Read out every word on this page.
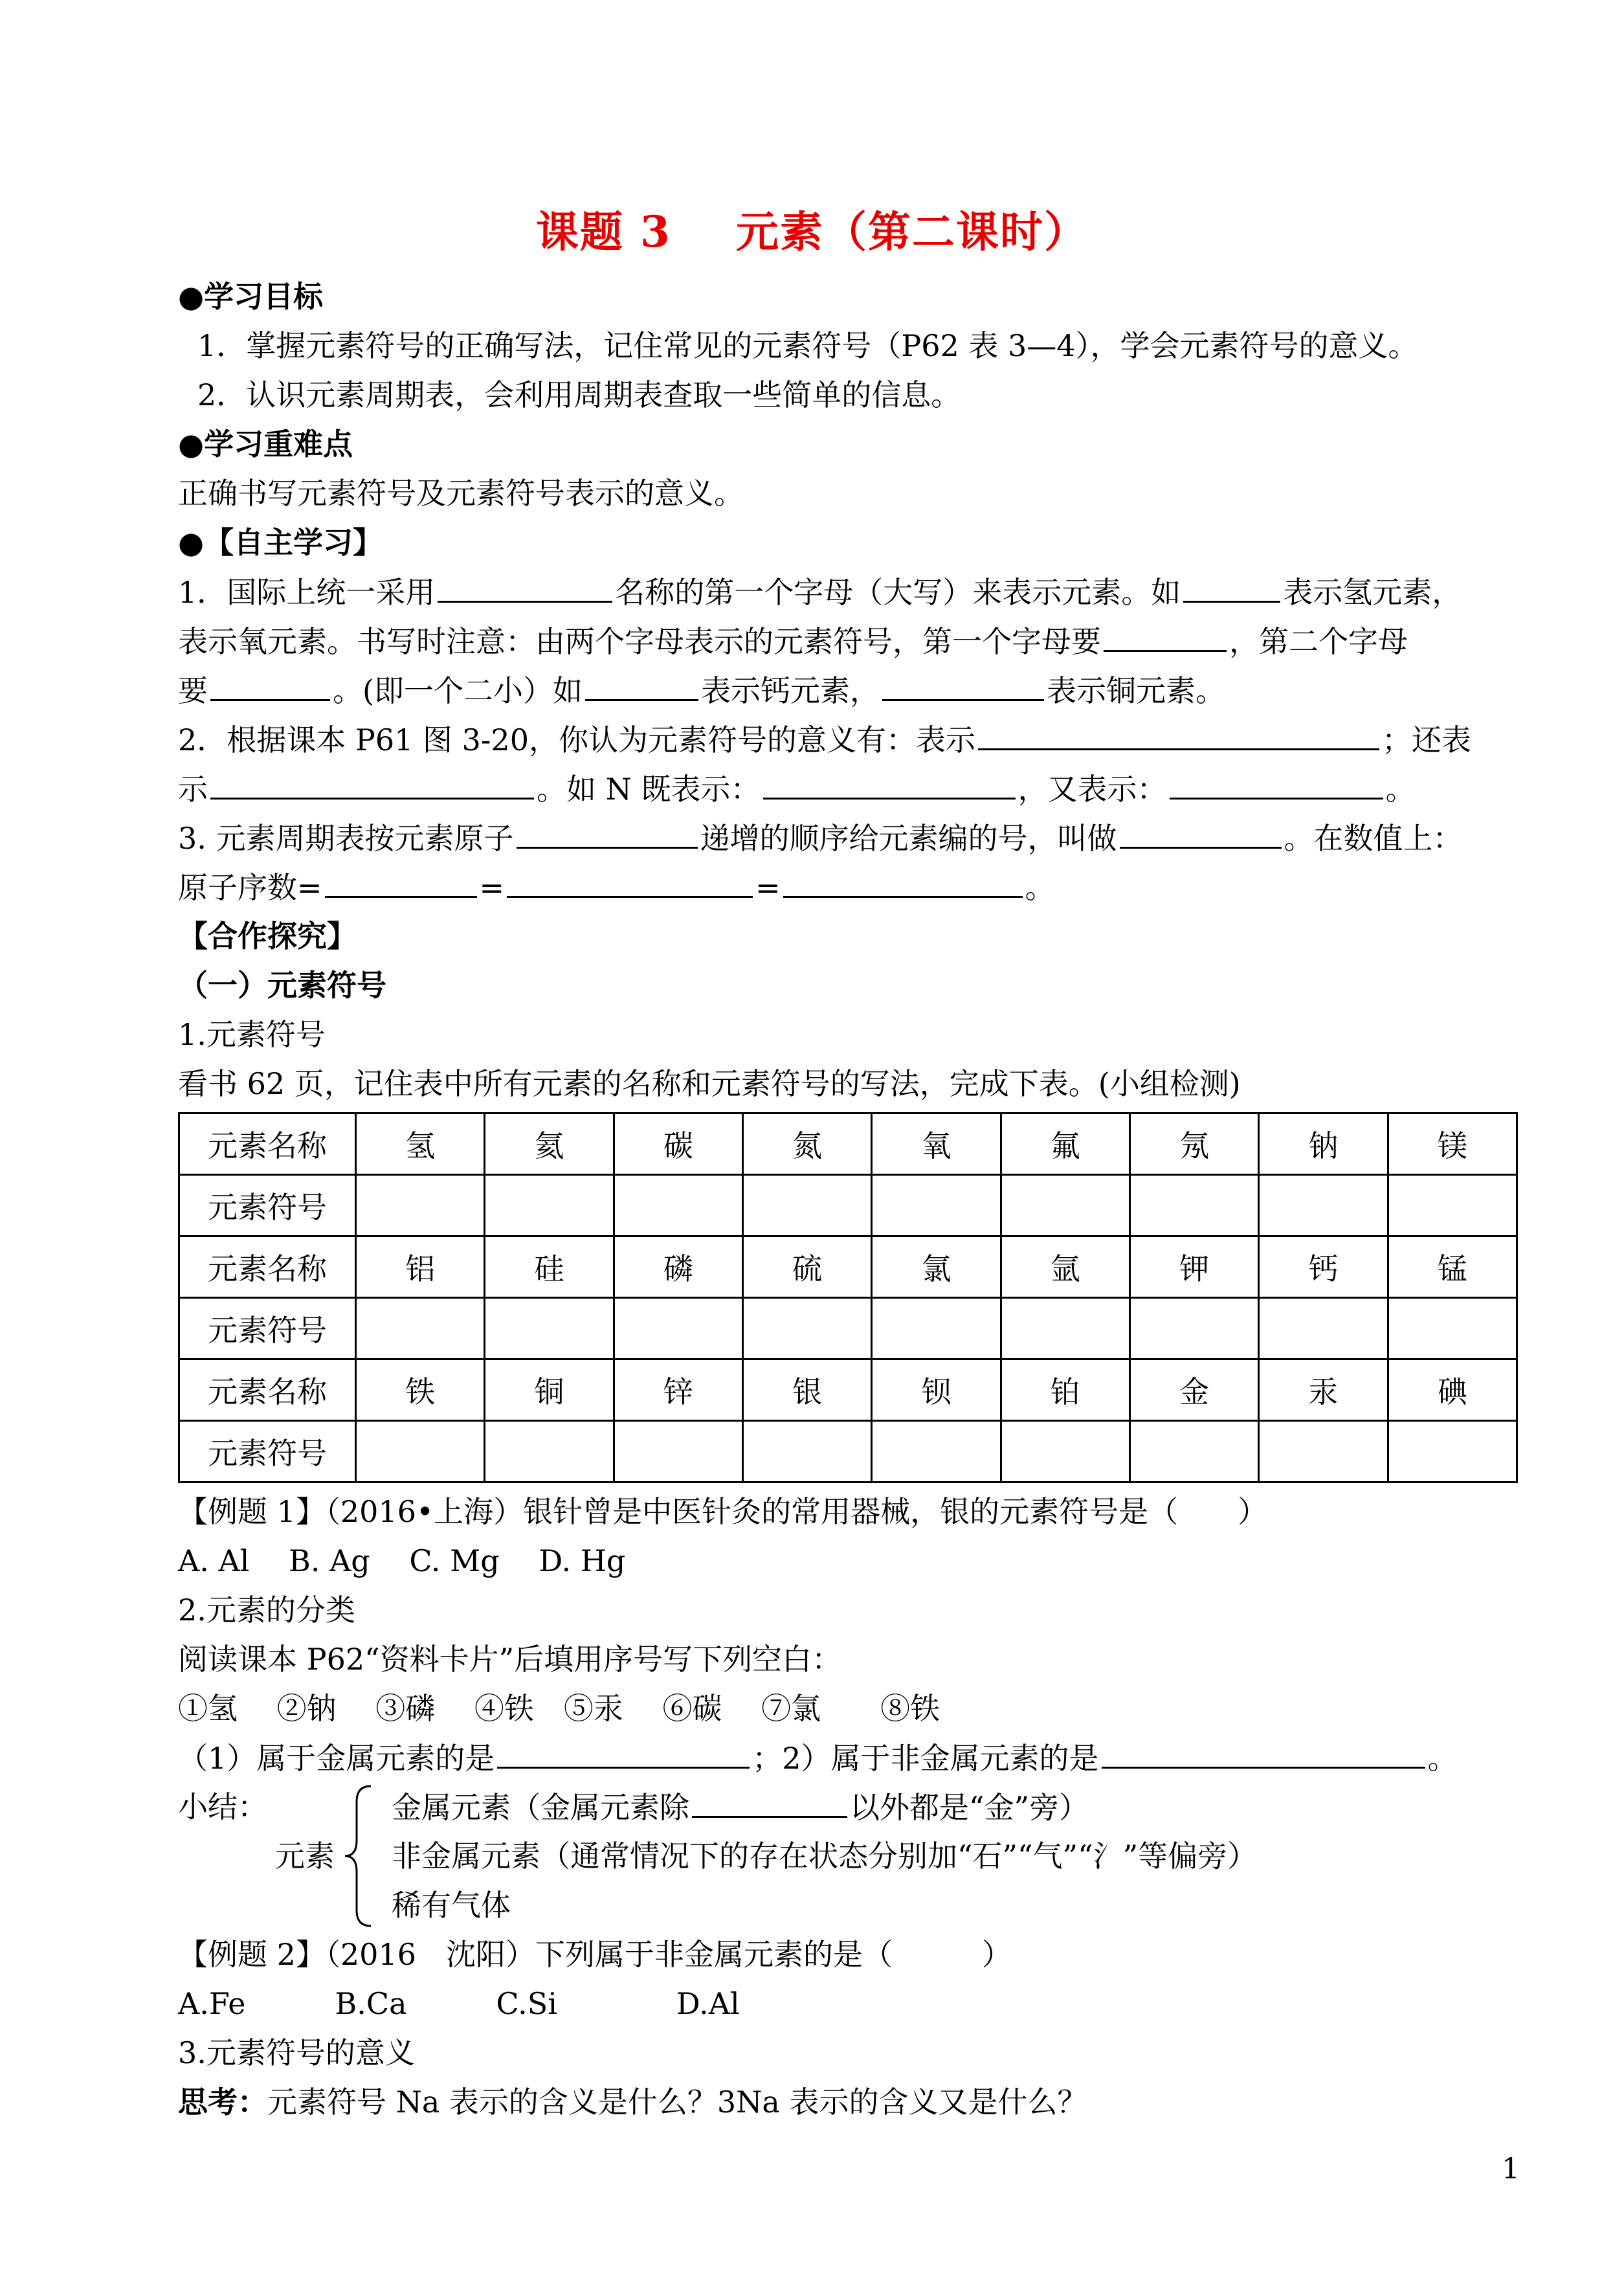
课题 3 元素（第二课时）
●学习目标
1．掌握元素符号的正确写法，记住常见的元素符号（P62 表 3—4），学会元素符号的意义。
2．认识元素周期表，会利用周期表查取一些简单的信息。
●学习重难点
正确书写元素符号及元素符号表示的意义。
●【自主学习】
1．国际上统一采用	名称的第一个字母（大写）来表示元素。如	表示氢元素，
表示氧元素。书写时注意：由两个字母表示的元素符号，第一个字母要	，第二个字母
要	。(即一个二小）如	表示钙元素，	表示铜元素。
2．根据课本 P61 图 3-20，你认为元素符号的意义有：表示	；还表
示	。如 N 既表示：	，又表示：	。
3. 元素周期表按元素原子	递增的顺序给元素编的号，叫做	。在数值上：
原子序数=	=	=	。
【合作探究】
（一）元素符号
1.元素符号
看书 62 页，记住表中所有元素的名称和元素符号的写法，完成下表。(小组检测)
元素名称	氢	氦	碳	氮	氧	氟	氖	钠	镁
元素符号									
元素名称	铝	硅	磷	硫	氯	氩	钾	钙	锰
元素符号									
元素名称	铁	铜	锌	银	钡	铂	金	汞	碘
元素符号									
【例题 1】（2016•上海）银针曾是中医针灸的常用器械，银的元素符号是（　　）
A. Al　 B. Ag　 C. Mg　 D. Hg
2.元素的分类
阅读课本 P62“资料卡片”后填用序号写下列空白：
①氢　 ②钠　 ③磷　 ④铁　⑤汞　 ⑥碳　 ⑦氯　　⑧铁
（1）属于金属元素的是	；2）属于非金属元素的是	。
小结：
元素
金属元素（金属元素除	以外都是“金”旁）
非金属元素（通常情况下的存在状态分别加“石”“气”“氵”等偏旁）
稀有气体
【例题 2】（2016　沈阳）下列属于非金属元素的是（　　　）
A.Fe　　　B.Ca　　　C.Si　　　　D.Al
3.元素符号的意义
思考：元素符号 Na 表示的含义是什么？3Na 表示的含义又是什么？
1
